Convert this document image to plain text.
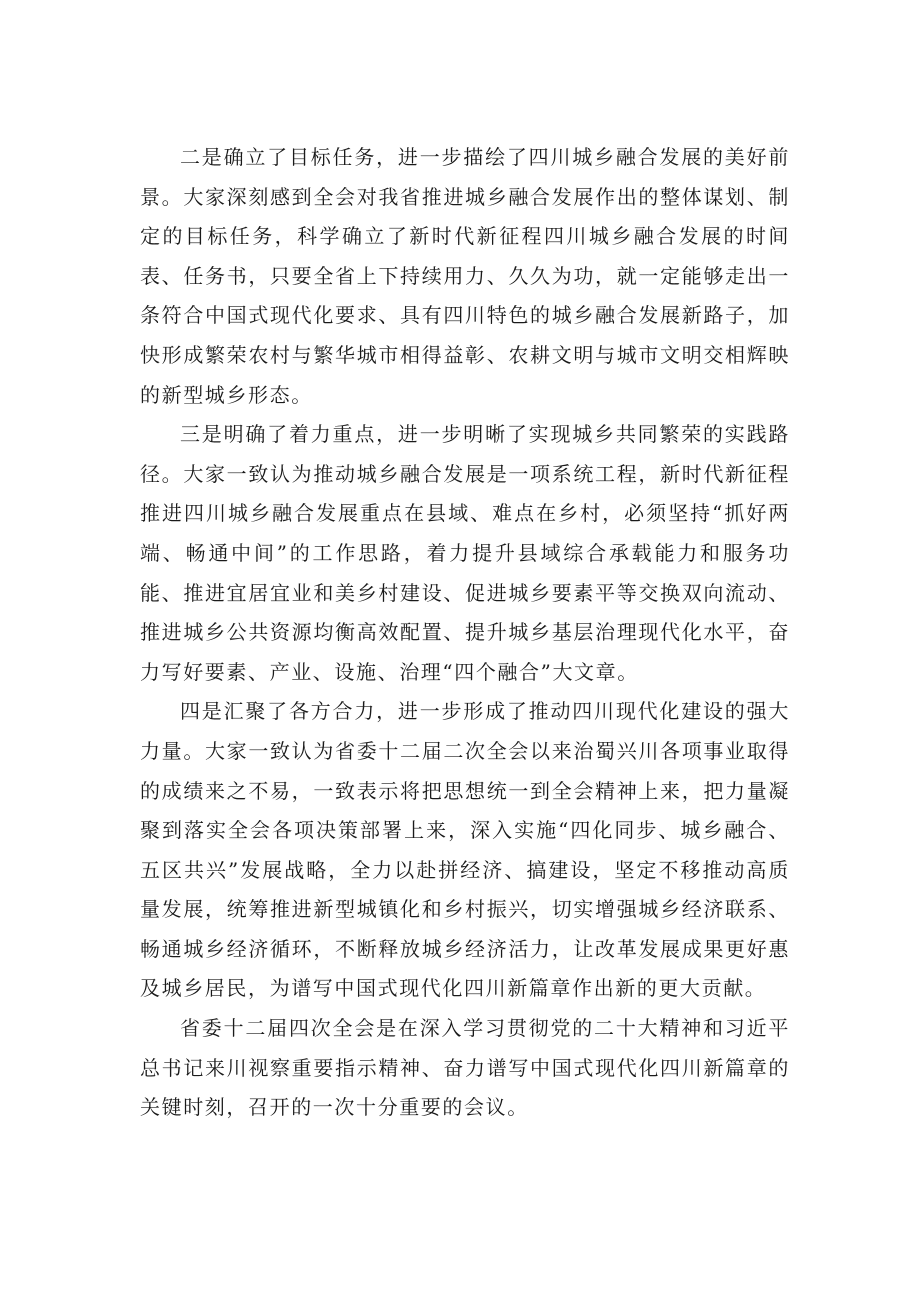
二是确立了目标任务，进一步描绘了四川城乡融合发展的美好前景。大家深刻感到全会对我省推进城乡融合发展作出的整体谋划、制定的目标任务，科学确立了新时代新征程四川城乡融合发展的时间表、任务书，只要全省上下持续用力、久久为功，就一定能够走出一条符合中国式现代化要求、具有四川特色的城乡融合发展新路子，加快形成繁荣农村与繁华城市相得益彰、农耕文明与城市文明交相辉映的新型城乡形态。

三是明确了着力重点，进一步明晰了实现城乡共同繁荣的实践路径。大家一致认为推动城乡融合发展是一项系统工程，新时代新征程推进四川城乡融合发展重点在县域、难点在乡村，必须坚持“抓好两端、畅通中间”的工作思路，着力提升县域综合承载能力和服务功能、推进宜居宜业和美乡村建设、促进城乡要素平等交换双向流动、推进城乡公共资源均衡高效配置、提升城乡基层治理现代化水平，奋力写好要素、产业、设施、治理“四个融合”大文章。

四是汇聚了各方合力，进一步形成了推动四川现代化建设的强大力量。大家一致认为省委十二届二次全会以来治蜀兴川各项事业取得的成绩来之不易，一致表示将把思想统一到全会精神上来，把力量凝聚到落实全会各项决策部署上来，深入实施“四化同步、城乡融合、五区共兴”发展战略，全力以赴拼经济、搞建设，坚定不移推动高质量发展，统筹推进新型城镇化和乡村振兴，切实增强城乡经济联系、畅通城乡经济循环，不断释放城乡经济活力，让改革发展成果更好惠及城乡居民，为谱写中国式现代化四川新篇章作出新的更大贡献。

省委十二届四次全会是在深入学习贯彻党的二十大精神和习近平总书记来川视察重要指示精神、奋力谱写中国式现代化四川新篇章的关键时刻，召开的一次十分重要的会议。
